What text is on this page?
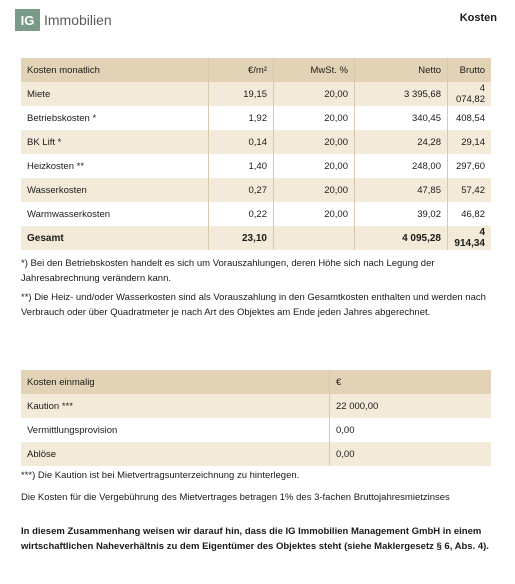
IG Immobilien	Kosten
Kosten monatlich	€/m²	MwSt. %	Netto	Brutto
Miete	19,15	20,00	3 395,68	4 074,82
Betriebskosten *	1,92	20,00	340,45	408,54
BK Lift *	0,14	20,00	24,28	29,14
Heizkosten **	1,40	20,00	248,00	297,60
Wasserkosten	0,27	20,00	47,85	57,42
Warmwasserkosten	0,22	20,00	39,02	46,82
Gesamt	23,10		4 095,28	4 914,34
*) Bei den Betriebskosten handelt es sich um Vorauszahlungen, deren Höhe sich nach Legung der Jahresabrechnung verändern kann.
**) Die Heiz- und/oder Wasserkosten sind als Vorauszahlung in den Gesamtkosten enthalten und werden nach Verbrauch oder über Quadratmeter je nach Art des Objektes am Ende jeden Jahres abgerechnet.
Kosten einmalig	€
Kaution ***	22 000,00
Vermittlungsprovision	0,00
Ablöse	0,00
***) Die Kaution ist bei Mietvertragsunterzeichnung zu hinterlegen.
Die Kosten für die Vergebührung des Mietvertrages betragen 1% des 3-fachen Bruttojahresmietzinses
In diesem Zusammenhang weisen wir darauf hin, dass die IG Immobilien Management GmbH in einem wirtschaftlichen Naheverhältnis zu dem Eigentümer des Objektes steht (siehe Maklergesetz § 6, Abs. 4).
